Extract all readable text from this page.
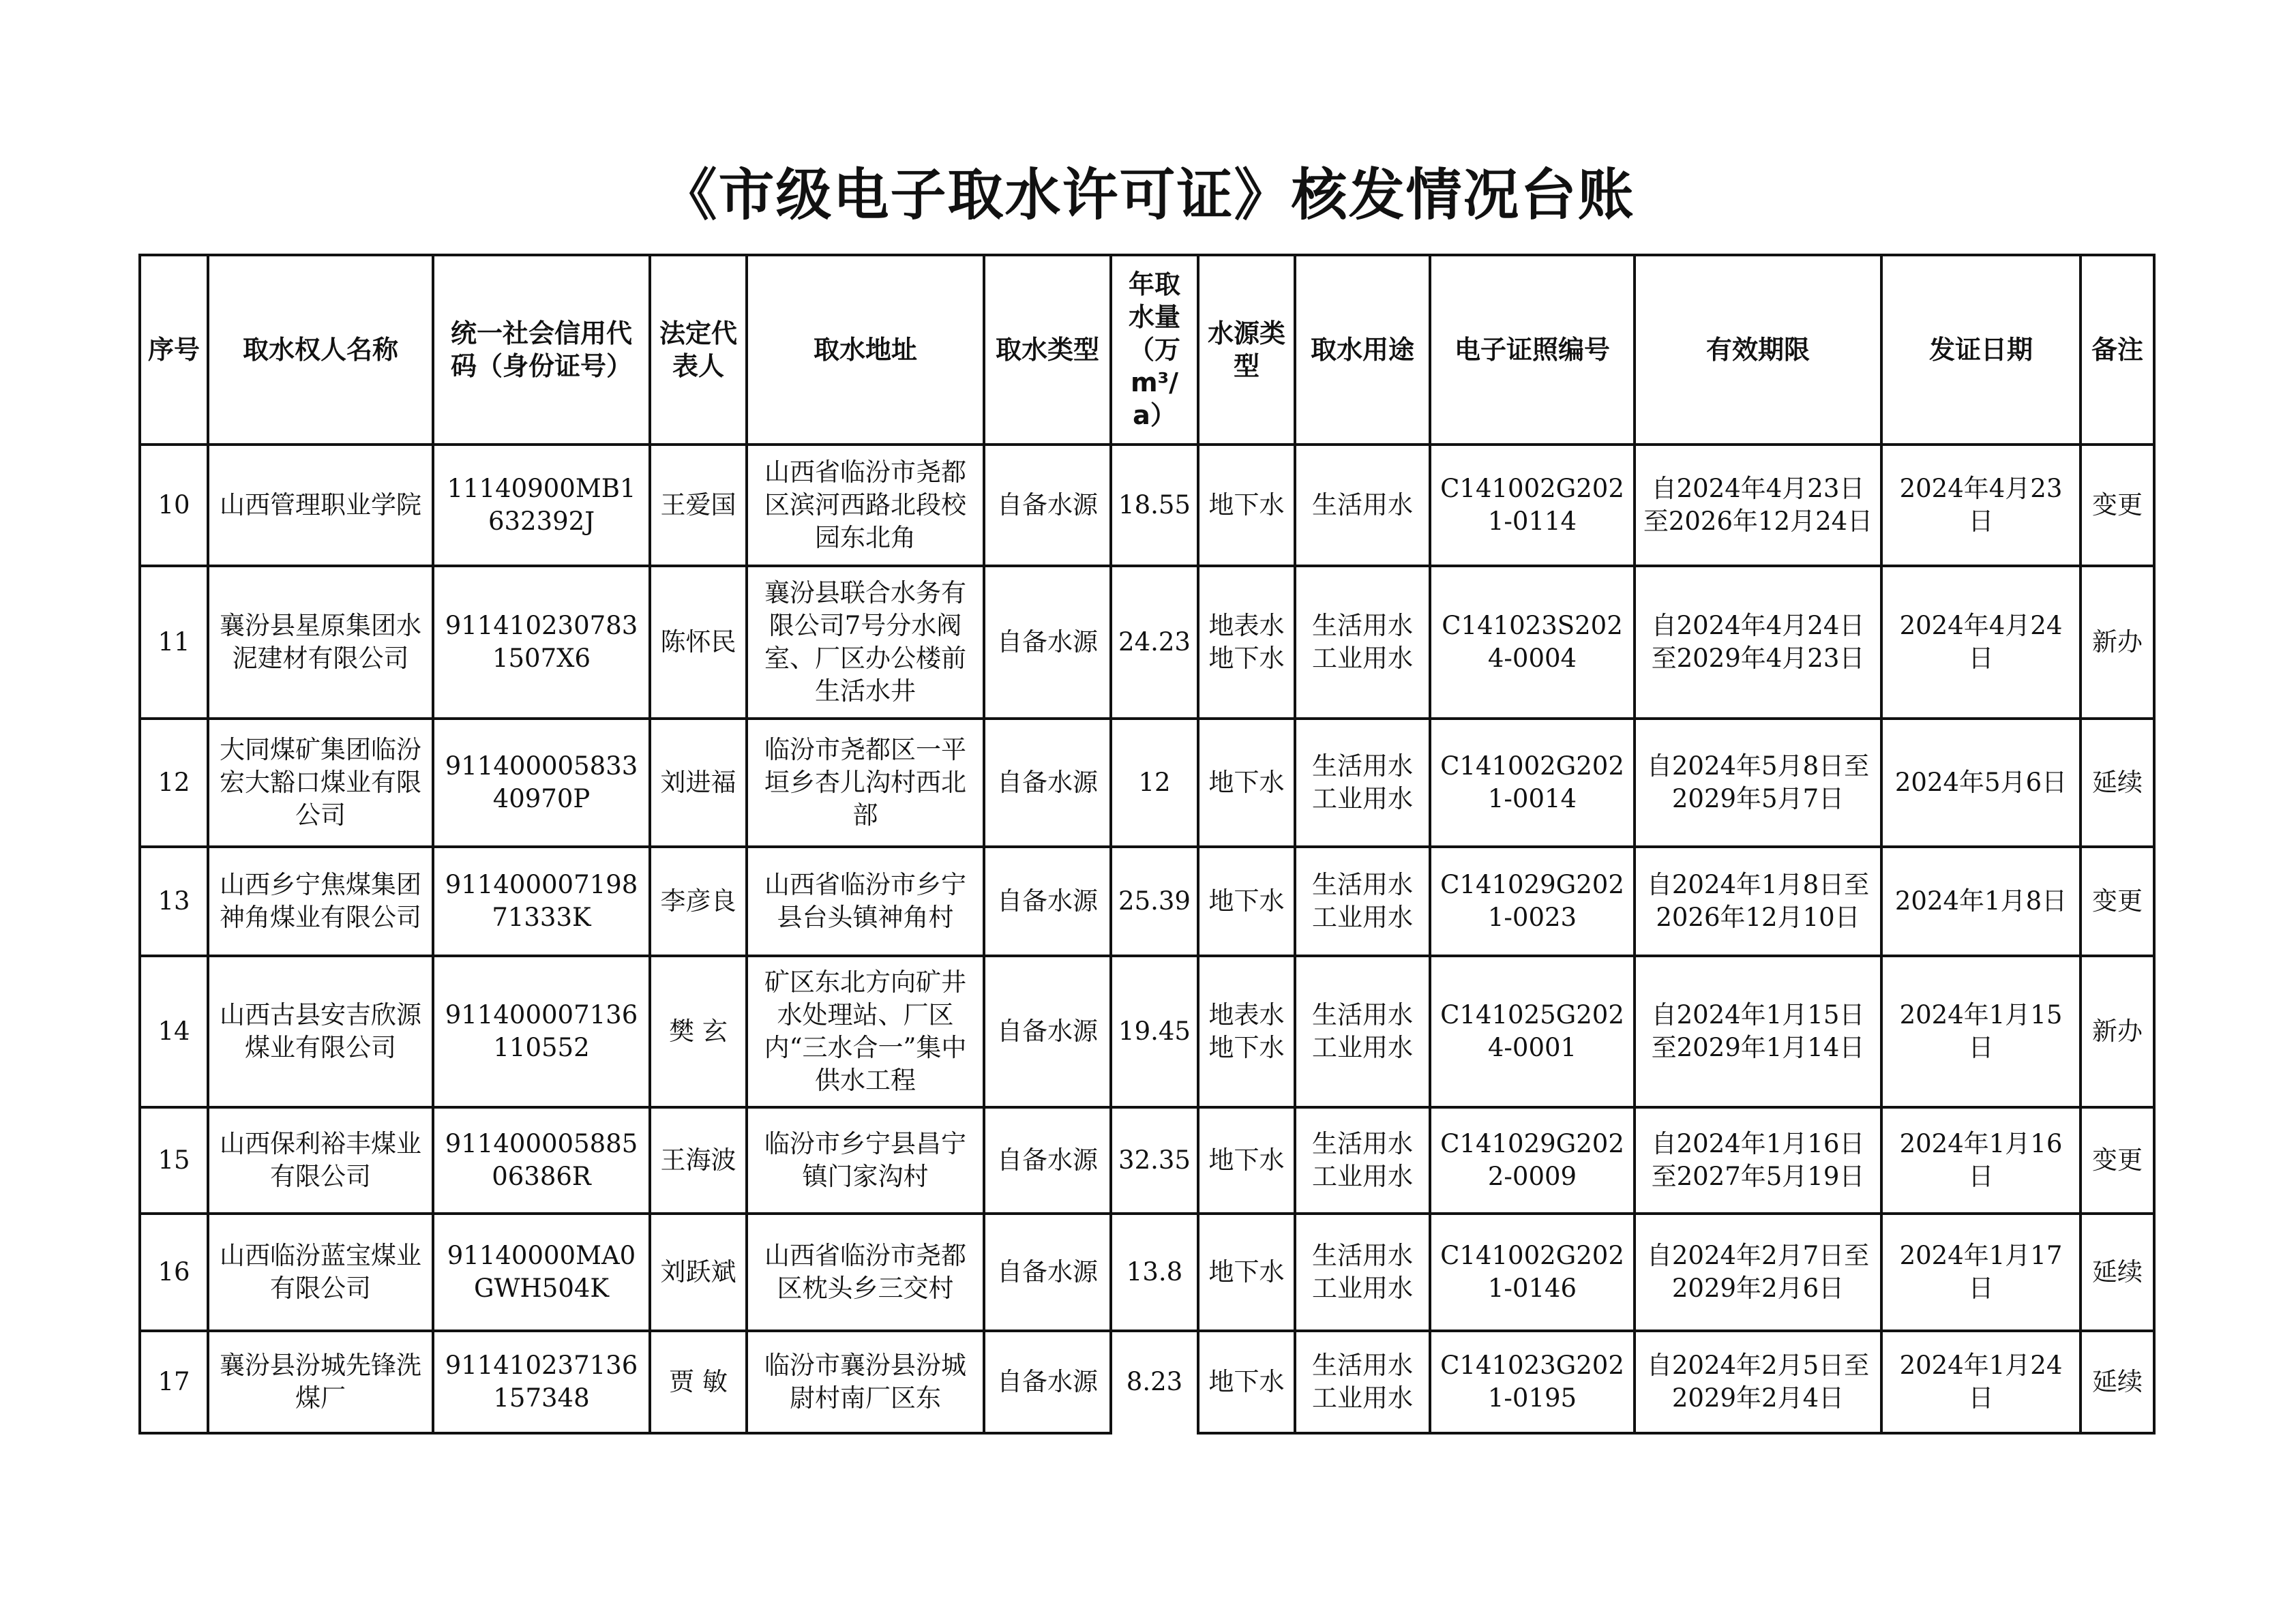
《市级电子取水许可证》核发情况台账
序号	取水权人名称	统一社会信用代码（身份证号）	法定代表人	取水地址	取水类型	年取水量（万m³/a）	水源类型	取水用途	电子证照编号	有效期限	发证日期	备注
10	山西管理职业学院	11140900MB1632392J	王爱国	山西省临汾市尧都区滨河西路北段校园东北角	自备水源	18.55	地下水	生活用水	C141002G2021-0114	自2024年4月23日至2026年12月24日	2024年4月23日	变更
11	襄汾县星原集团水泥建材有限公司	9114102307831507X6	陈怀民	襄汾县联合水务有限公司7号分水阀室、厂区办公楼前生活水井	自备水源	24.23	地表水地下水	生活用水工业用水	C141023S2024-0004	自2024年4月24日至2029年4月23日	2024年4月24日	新办
12	大同煤矿集团临汾宏大豁口煤业有限公司	91140000583340970P	刘进福	临汾市尧都区一平垣乡杏儿沟村西北部	自备水源	12	地下水	生活用水工业用水	C141002G2021-0014	自2024年5月8日至2029年5月7日	2024年5月6日	延续
13	山西乡宁焦煤集团神角煤业有限公司	91140000719871333K	李彦良	山西省临汾市乡宁县台头镇神角村	自备水源	25.39	地下水	生活用水工业用水	C141029G2021-0023	自2024年1月8日至2026年12月10日	2024年1月8日	变更
14	山西古县安吉欣源煤业有限公司	911400007136110552	樊 玄	矿区东北方向矿井水处理站、厂区内“三水合一”集中供水工程	自备水源	19.45	地表水地下水	生活用水工业用水	C141025G2024-0001	自2024年1月15日至2029年1月14日	2024年1月15日	新办
15	山西保利裕丰煤业有限公司	91140000588506386R	王海波	临汾市乡宁县昌宁镇门家沟村	自备水源	32.35	地下水	生活用水工业用水	C141029G2022-0009	自2024年1月16日至2027年5月19日	2024年1月16日	变更
16	山西临汾蓝宝煤业有限公司	91140000MA0GWH504K	刘跃斌	山西省临汾市尧都区枕头乡三交村	自备水源	13.8	地下水	生活用水工业用水	C141002G2021-0146	自2024年2月7日至2029年2月6日	2024年1月17日	延续
17	襄汾县汾城先锋洗煤厂	911410237136157348	贾 敏	临汾市襄汾县汾城尉村南厂区东	自备水源	8.23	地下水	生活用水工业用水	C141023G2021-0195	自2024年2月5日至2029年2月4日	2024年1月24日	延续
